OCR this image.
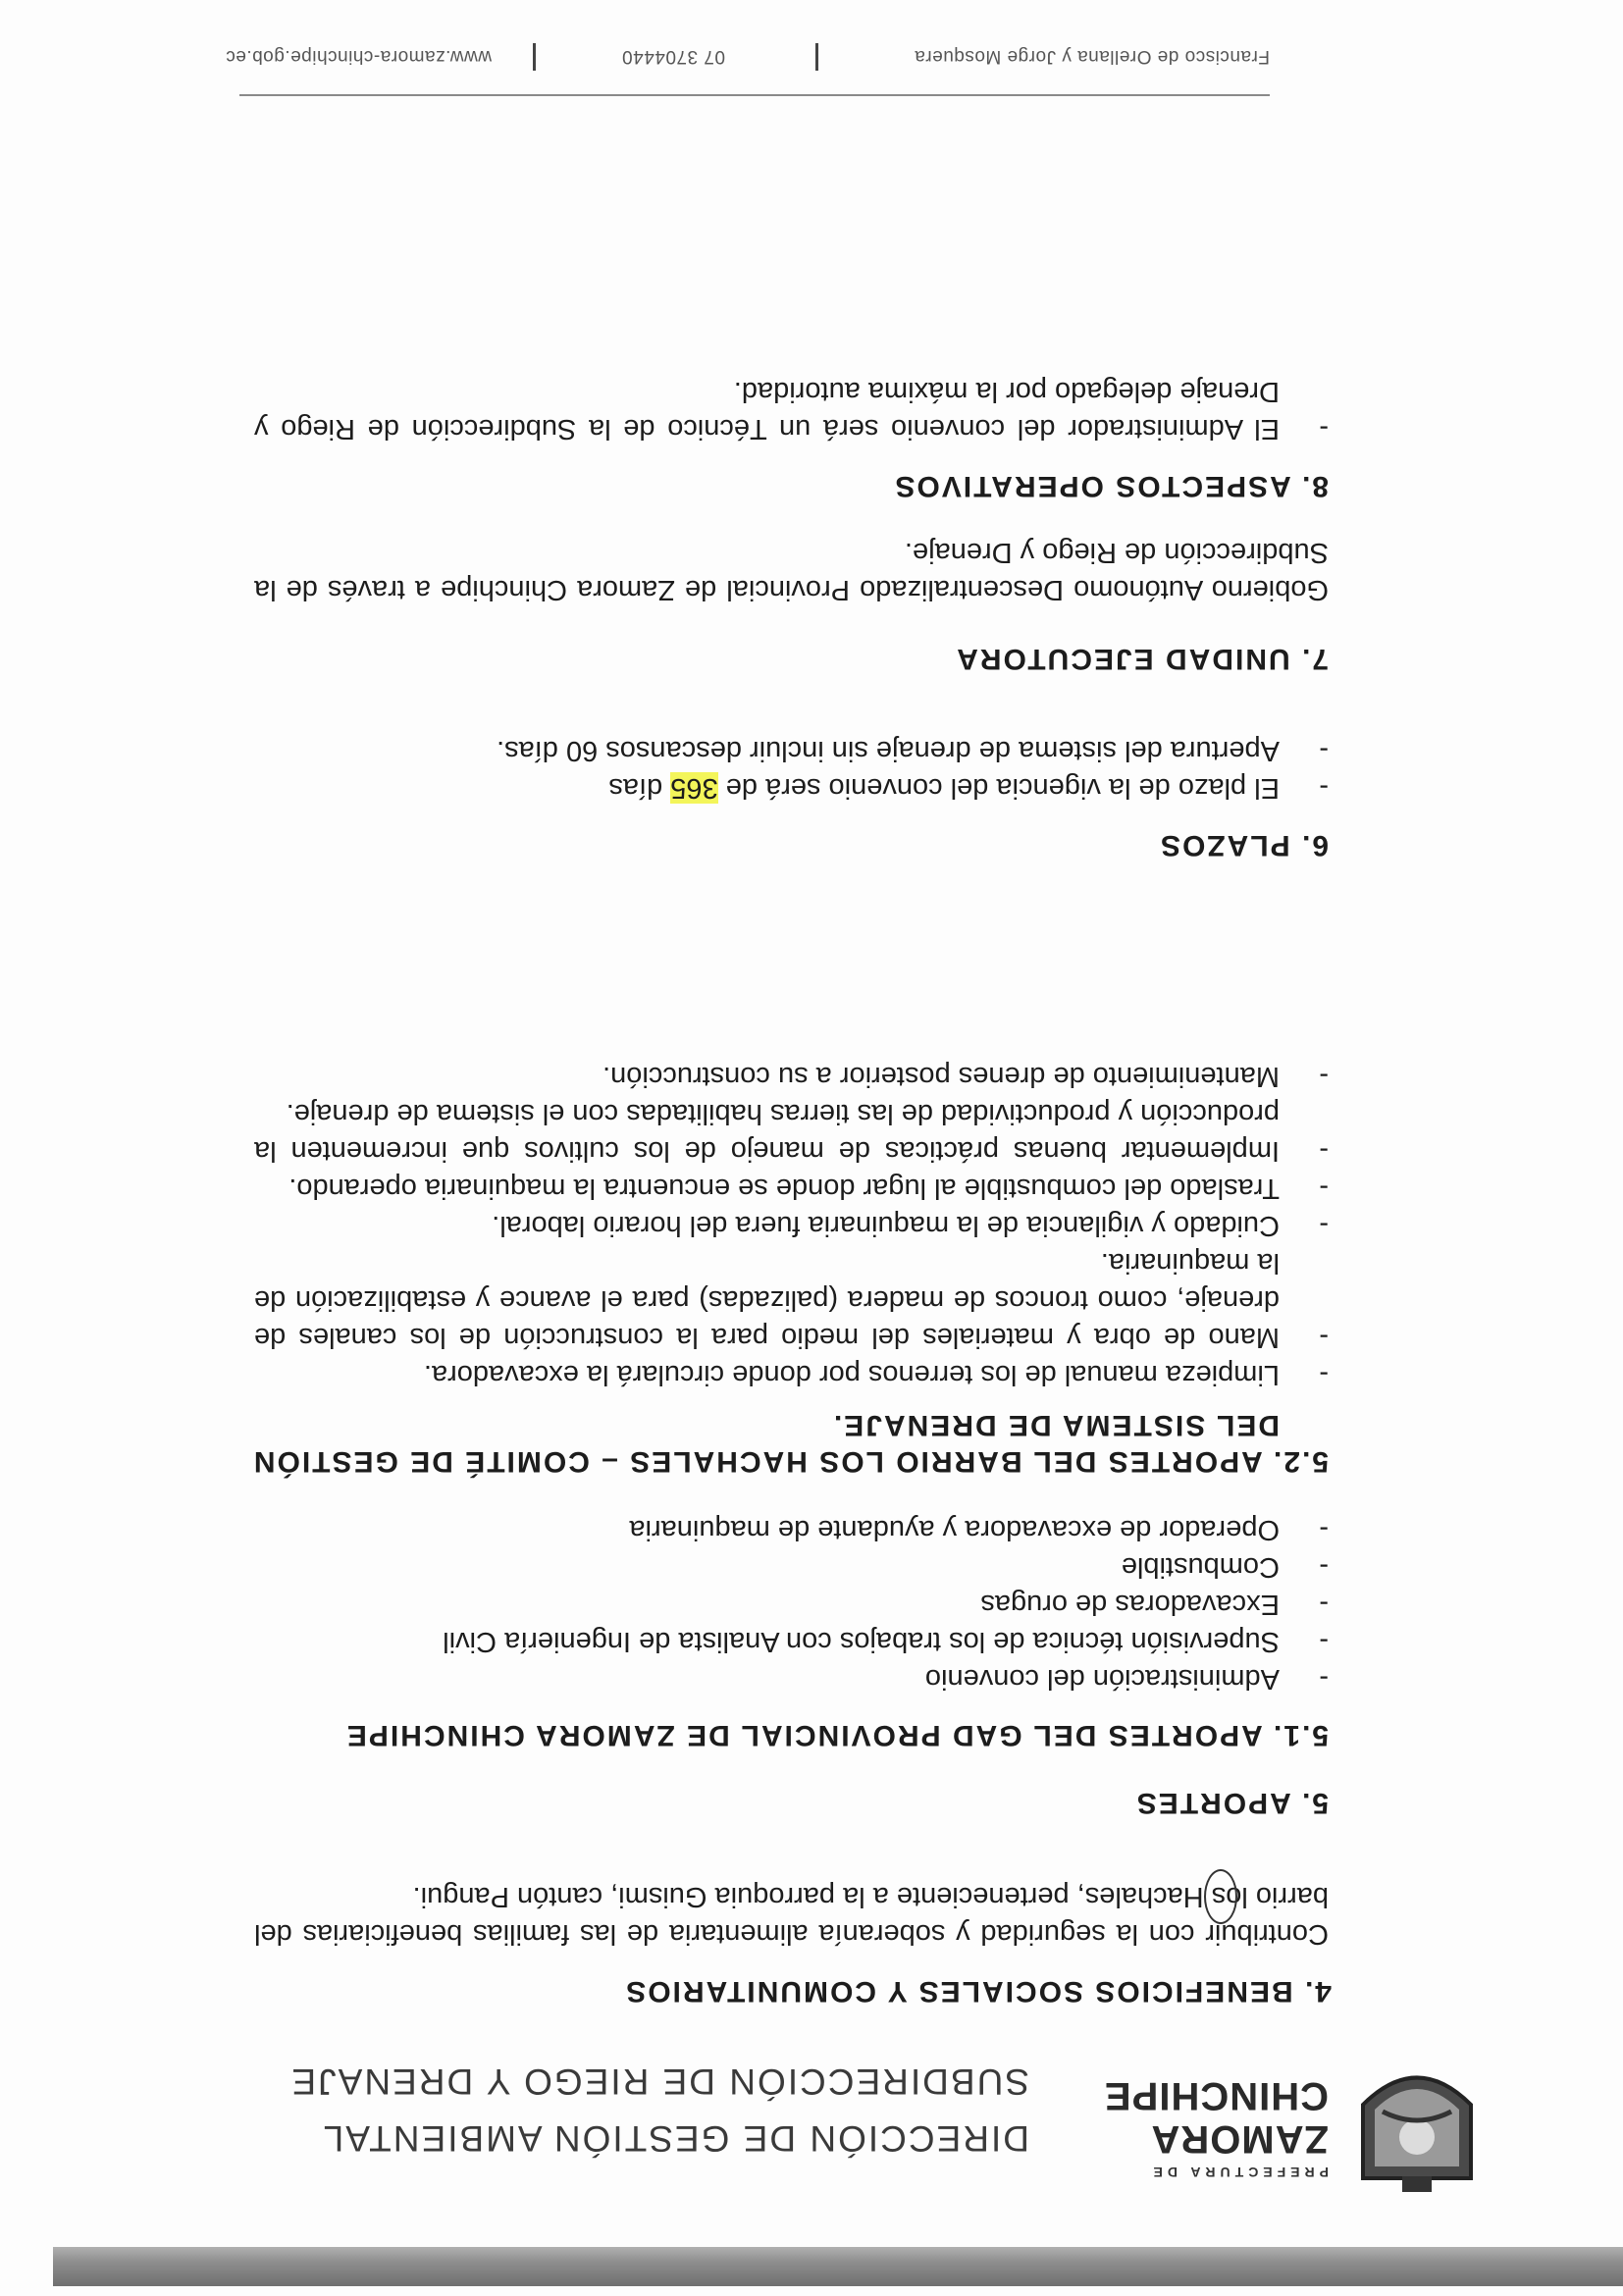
PREFECTURA DE
ZAMORA
CHINCHIPE
DIRECCIÓN DE GESTIÓN AMBIENTAL
SUBDIRECCIÓN DE RIEGO Y DRENAJE
4. BENEFICIOS SOCIALES Y COMUNITARIOS

Contribuir con la seguridad y soberanía alimentaria de las familias beneficiarias del barrio los
Hachales, perteneciente a la parroquia Guismi, cantón Pangui.

5. APORTES
5.1. APORTES DEL GAD PROVINCIAL DE ZAMORA CHINCHIPE
- Administración del convenio
- Supervisión técnica de los trabajos con Analista de Ingeniería Civil
- Excavadoras de orugas
- Combustible
- Operador de excavadora y ayudante de maquinaria
5.2. APORTES DEL BARRIO LOS HACHALES – COMITÉ DE GESTIÓN
DEL SISTEMA DE DRENAJE.
- Limpieza manual de los terrenos por donde circulará la excavadora.
- Mano de obra y materiales del medio para la construcción de los canales de drenaje, como troncos de madera (palizadas) para el avance y estabilización de la maquinaria.
- Cuidado y vigilancia de la maquinaria fuera del horario laboral.
- Traslado del combustible al lugar donde se encuentra la maquinaria operando.
- Implementar buenas prácticas de manejo de los cultivos que incrementen la producción y productividad de las tierras habilitadas con el sistema de drenaje.
- Mantenimiento de drenes posterior a su construcción.
6. PLAZOS
- El plazo de la vigencia del convenio será de 365 días
- Apertura del sistema de drenaje sin incluir descansos 60 días.
7. UNIDAD EJECUTORA

Gobierno Autónomo Descentralizado Provincial de Zamora Chinchipe a través de la Subdirección de Riego y Drenaje.

8. ASPECTOS OPERATIVOS
- El Administrador del convenio será un Técnico de la Subdirección de Riego y Drenaje delegado por la máxima autoridad.
Francisco de Orellana y Jorge Mosquera
07 3704440
www.zamora-chinchipe.gob.ec
